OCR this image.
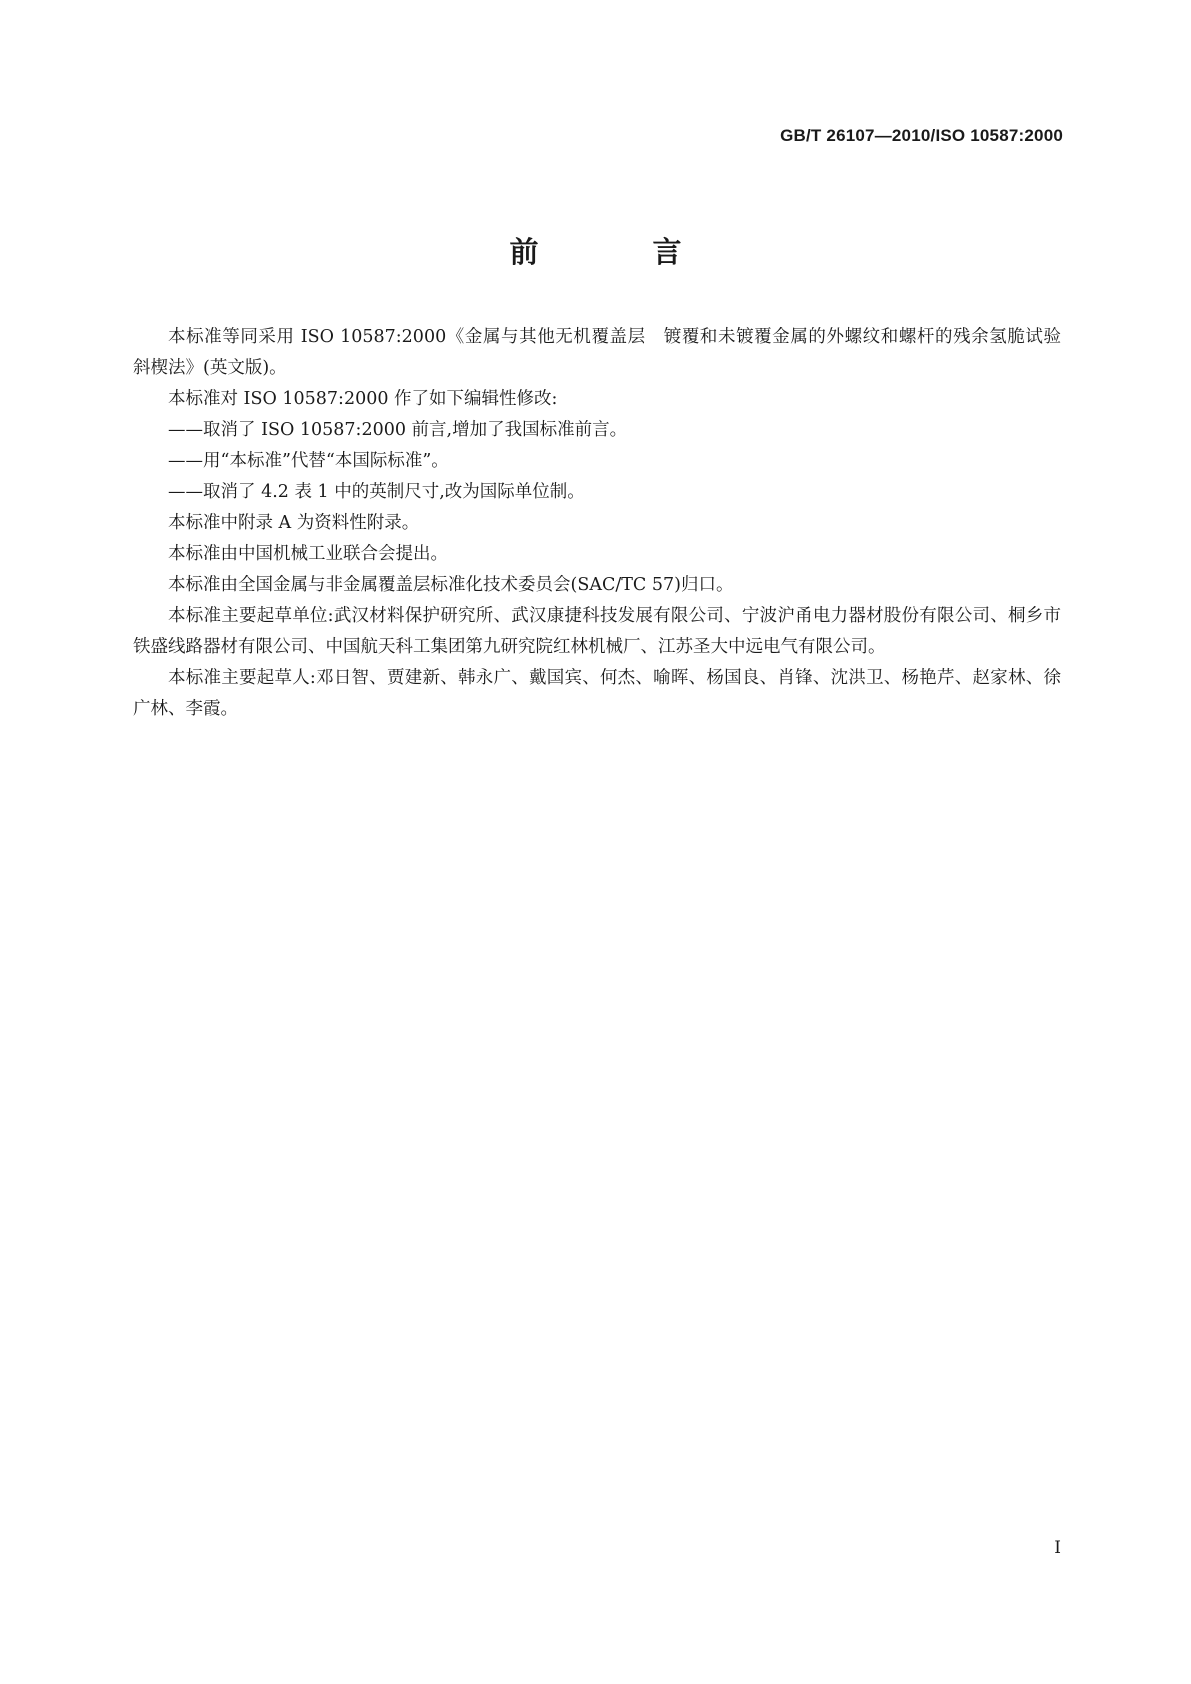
GB/T 26107—2010/ISO 10587:2000
前 言

本标准等同采用 ISO 10587:2000《金属与其他无机覆盖层　镀覆和未镀覆金属的外螺纹和螺杆的残余氢脆试验　斜楔法》(英文版)。

本标准对 ISO 10587:2000 作了如下编辑性修改:

——取消了 ISO 10587:2000 前言,增加了我国标准前言。

——用“本标准”代替“本国际标准”。

——取消了 4.2 表 1 中的英制尺寸,改为国际单位制。

本标准中附录 A 为资料性附录。

本标准由中国机械工业联合会提出。

本标准由全国金属与非金属覆盖层标准化技术委员会(SAC/TC 57)归口。

本标准主要起草单位:武汉材料保护研究所、武汉康捷科技发展有限公司、宁波沪甬电力器材股份有限公司、桐乡市铁盛线路器材有限公司、中国航天科工集团第九研究院红林机械厂、江苏圣大中远电气有限公司。

本标准主要起草人:邓日智、贾建新、韩永广、戴国宾、何杰、喻晖、杨国良、肖锋、沈洪卫、杨艳芹、赵家林、徐广林、李霞。

I
